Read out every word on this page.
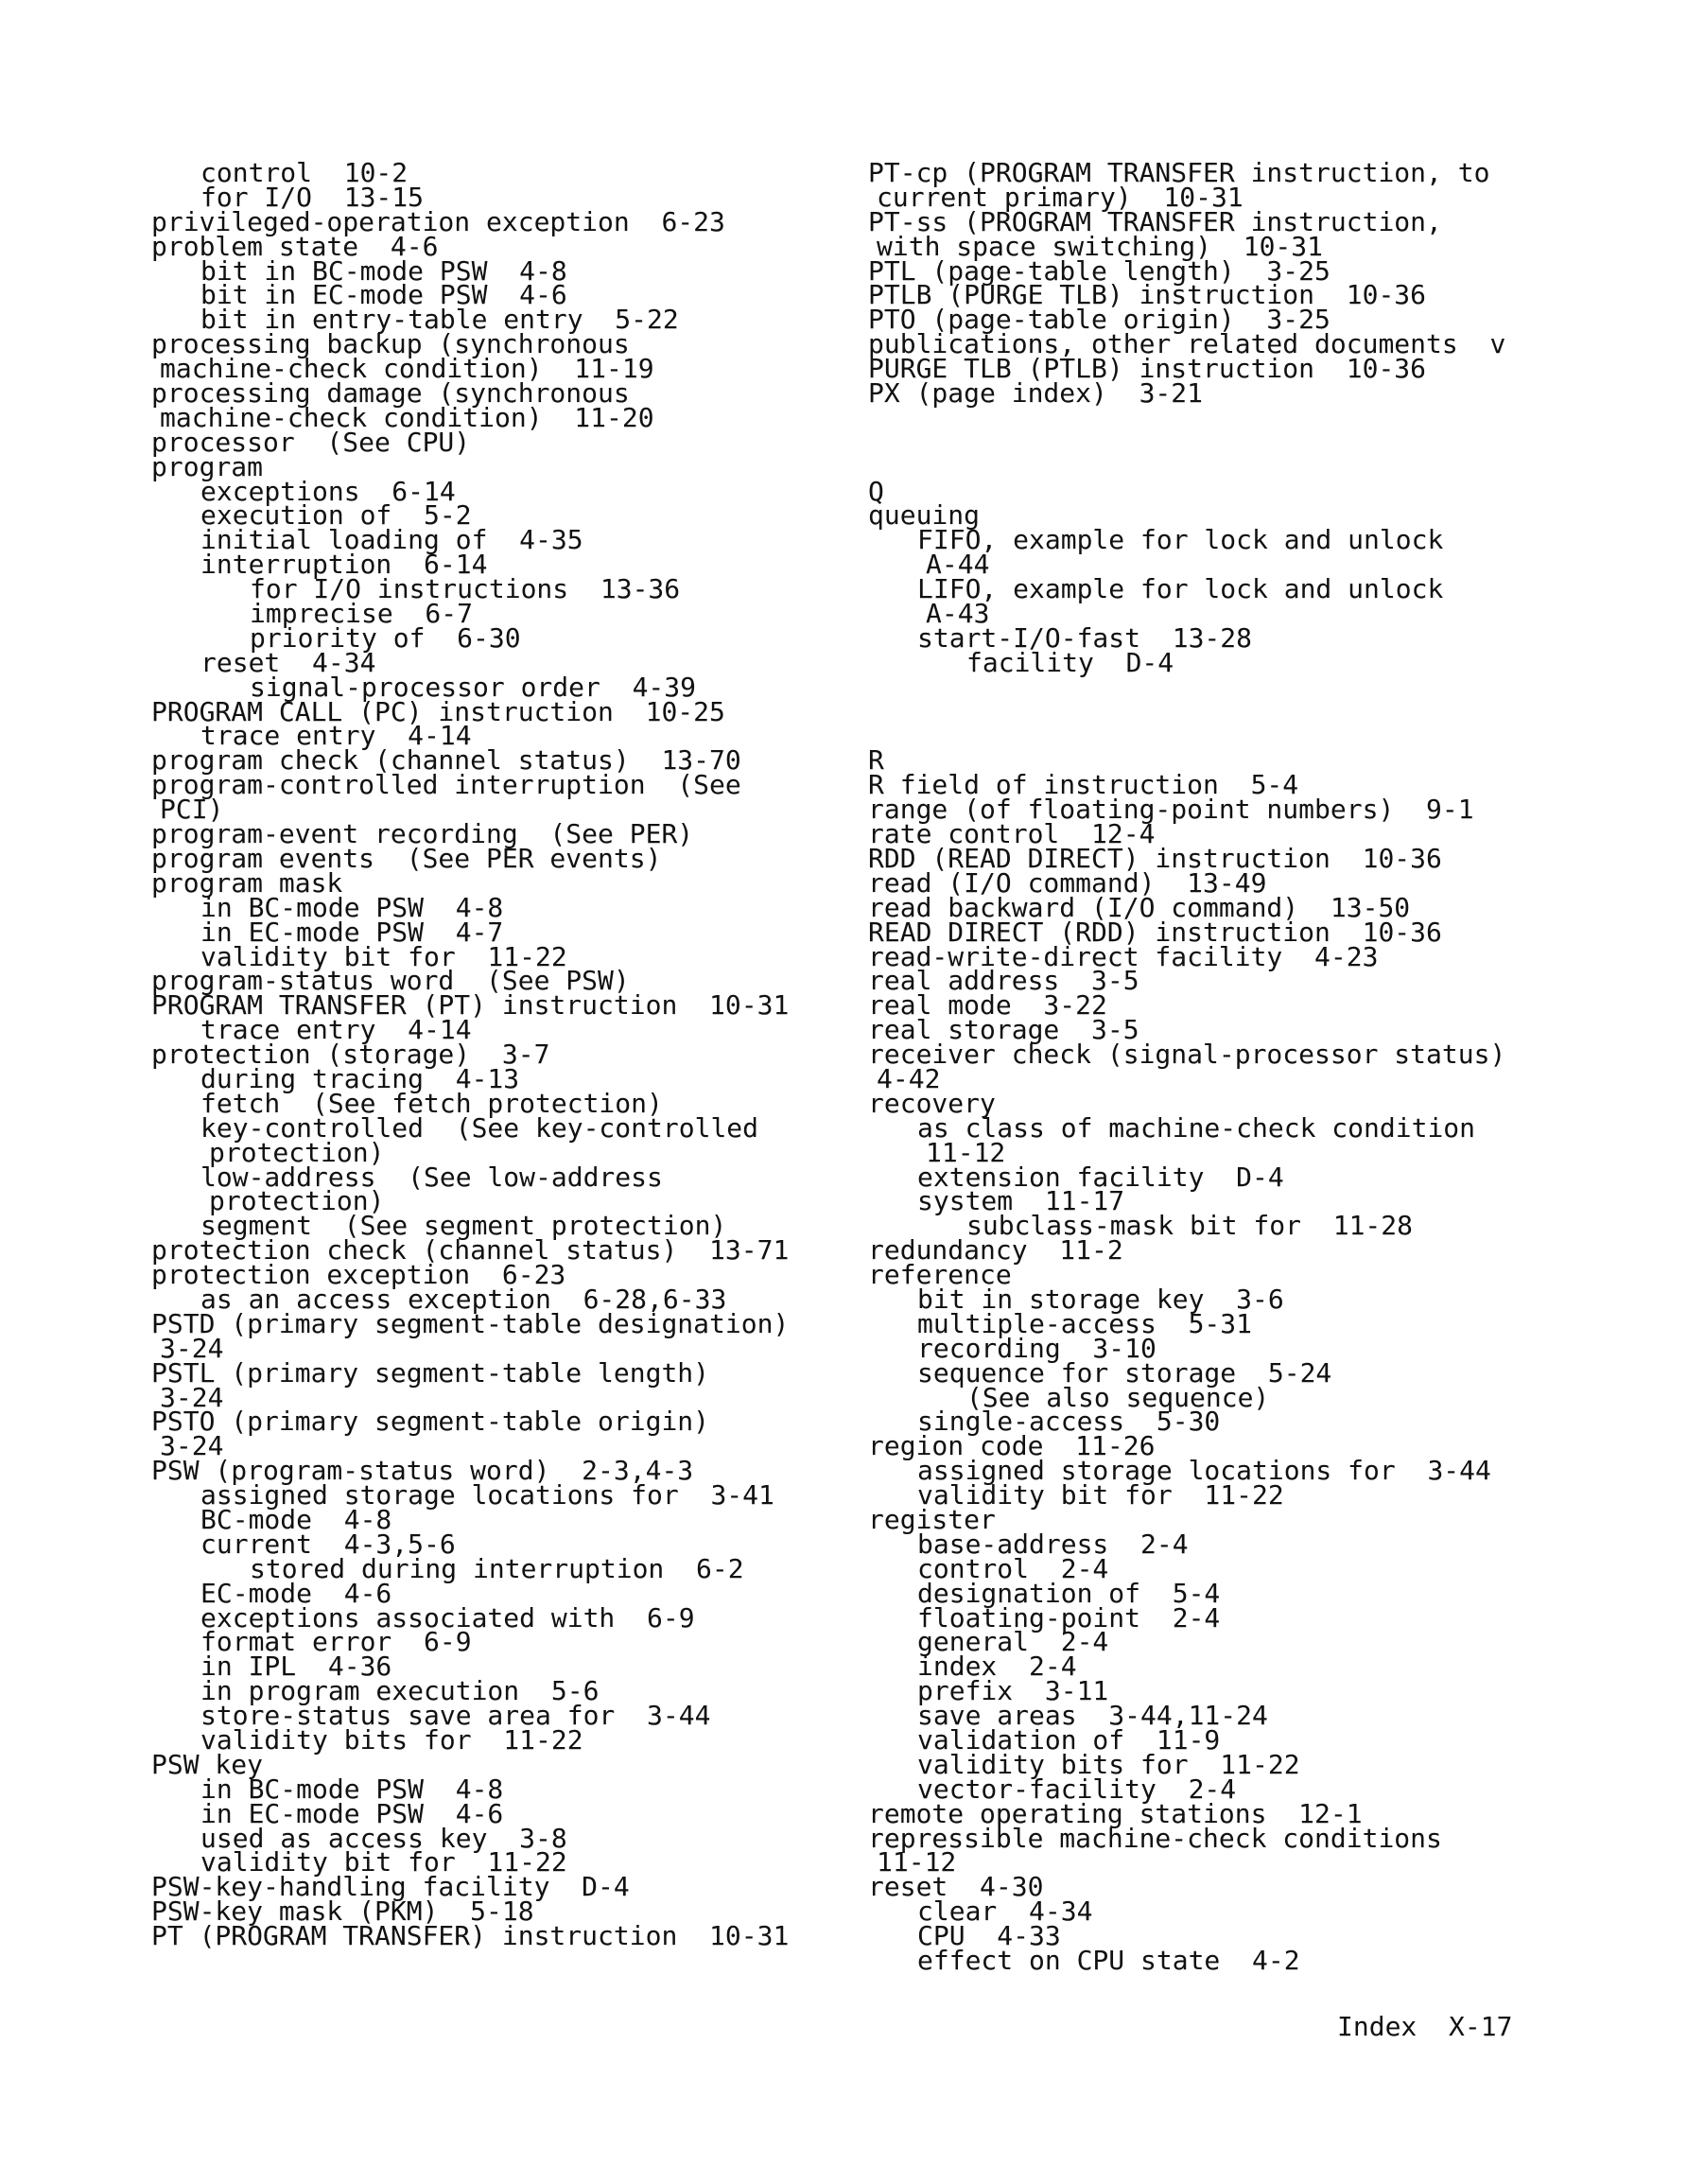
control  10-2
for I/O  13-15
privileged-operation exception  6-23
problem state  4-6
bit in BC-mode PSW  4-8
bit in EC-mode PSW  4-6
bit in entry-table entry  5-22
processing backup (synchronous
machine-check condition)  11-19
processing damage (synchronous
machine-check condition)  11-20
processor  (See CPU)
program
exceptions  6-14
execution of  5-2
initial loading of  4-35
interruption  6-14
for I/O instructions  13-36
imprecise  6-7
priority of  6-30
reset  4-34
signal-processor order  4-39
PROGRAM CALL (PC) instruction  10-25
trace entry  4-14
program check (channel status)  13-70
program-controlled interruption  (See
PCI)
program-event recording  (See PER)
program events  (See PER events)
program mask
in BC-mode PSW  4-8
in EC-mode PSW  4-7
validity bit for  11-22
program-status word  (See PSW)
PROGRAM TRANSFER (PT) instruction  10-31
trace entry  4-14
protection (storage)  3-7
during tracing  4-13
fetch  (See fetch protection)
key-controlled  (See key-controlled
protection)
low-address  (See low-address
protection)
segment  (See segment protection)
protection check (channel status)  13-71
protection exception  6-23
as an access exception  6-28,6-33
PSTD (primary segment-table designation)
3-24
PSTL (primary segment-table length)
3-24
PSTO (primary segment-table origin)
3-24
PSW (program-status word)  2-3,4-3
assigned storage locations for  3-41
BC-mode  4-8
current  4-3,5-6
stored during interruption  6-2
EC-mode  4-6
exceptions associated with  6-9
format error  6-9
in IPL  4-36
in program execution  5-6
store-status save area for  3-44
validity bits for  11-22
PSW key
in BC-mode PSW  4-8
in EC-mode PSW  4-6
used as access key  3-8
validity bit for  11-22
PSW-key-handling facility  D-4
PSW-key mask (PKM)  5-18
PT (PROGRAM TRANSFER) instruction  10-31
PT-cp (PROGRAM TRANSFER instruction, to
current primary)  10-31
PT-ss (PROGRAM TRANSFER instruction,
with space switching)  10-31
PTL (page-table length)  3-25
PTLB (PURGE TLB) instruction  10-36
PTO (page-table origin)  3-25
publications, other related documents  v
PURGE TLB (PTLB) instruction  10-36
PX (page index)  3-21
Q
queuing
FIFO, example for lock and unlock
A-44
LIFO, example for lock and unlock
A-43
start-I/O-fast  13-28
facility  D-4
R
R field of instruction  5-4
range (of floating-point numbers)  9-1
rate control  12-4
RDD (READ DIRECT) instruction  10-36
read (I/O command)  13-49
read backward (I/O command)  13-50
READ DIRECT (RDD) instruction  10-36
read-write-direct facility  4-23
real address  3-5
real mode  3-22
real storage  3-5
receiver check (signal-processor status)
4-42
recovery
as class of machine-check condition
11-12
extension facility  D-4
system  11-17
subclass-mask bit for  11-28
redundancy  11-2
reference
bit in storage key  3-6
multiple-access  5-31
recording  3-10
sequence for storage  5-24
(See also sequence)
single-access  5-30
region code  11-26
assigned storage locations for  3-44
validity bit for  11-22
register
base-address  2-4
control  2-4
designation of  5-4
floating-point  2-4
general  2-4
index  2-4
prefix  3-11
save areas  3-44,11-24
validation of  11-9
validity bits for  11-22
vector-facility  2-4
remote operating stations  12-1
repressible machine-check conditions
11-12
reset  4-30
clear  4-34
CPU  4-33
effect on CPU state  4-2
Index  X-17
